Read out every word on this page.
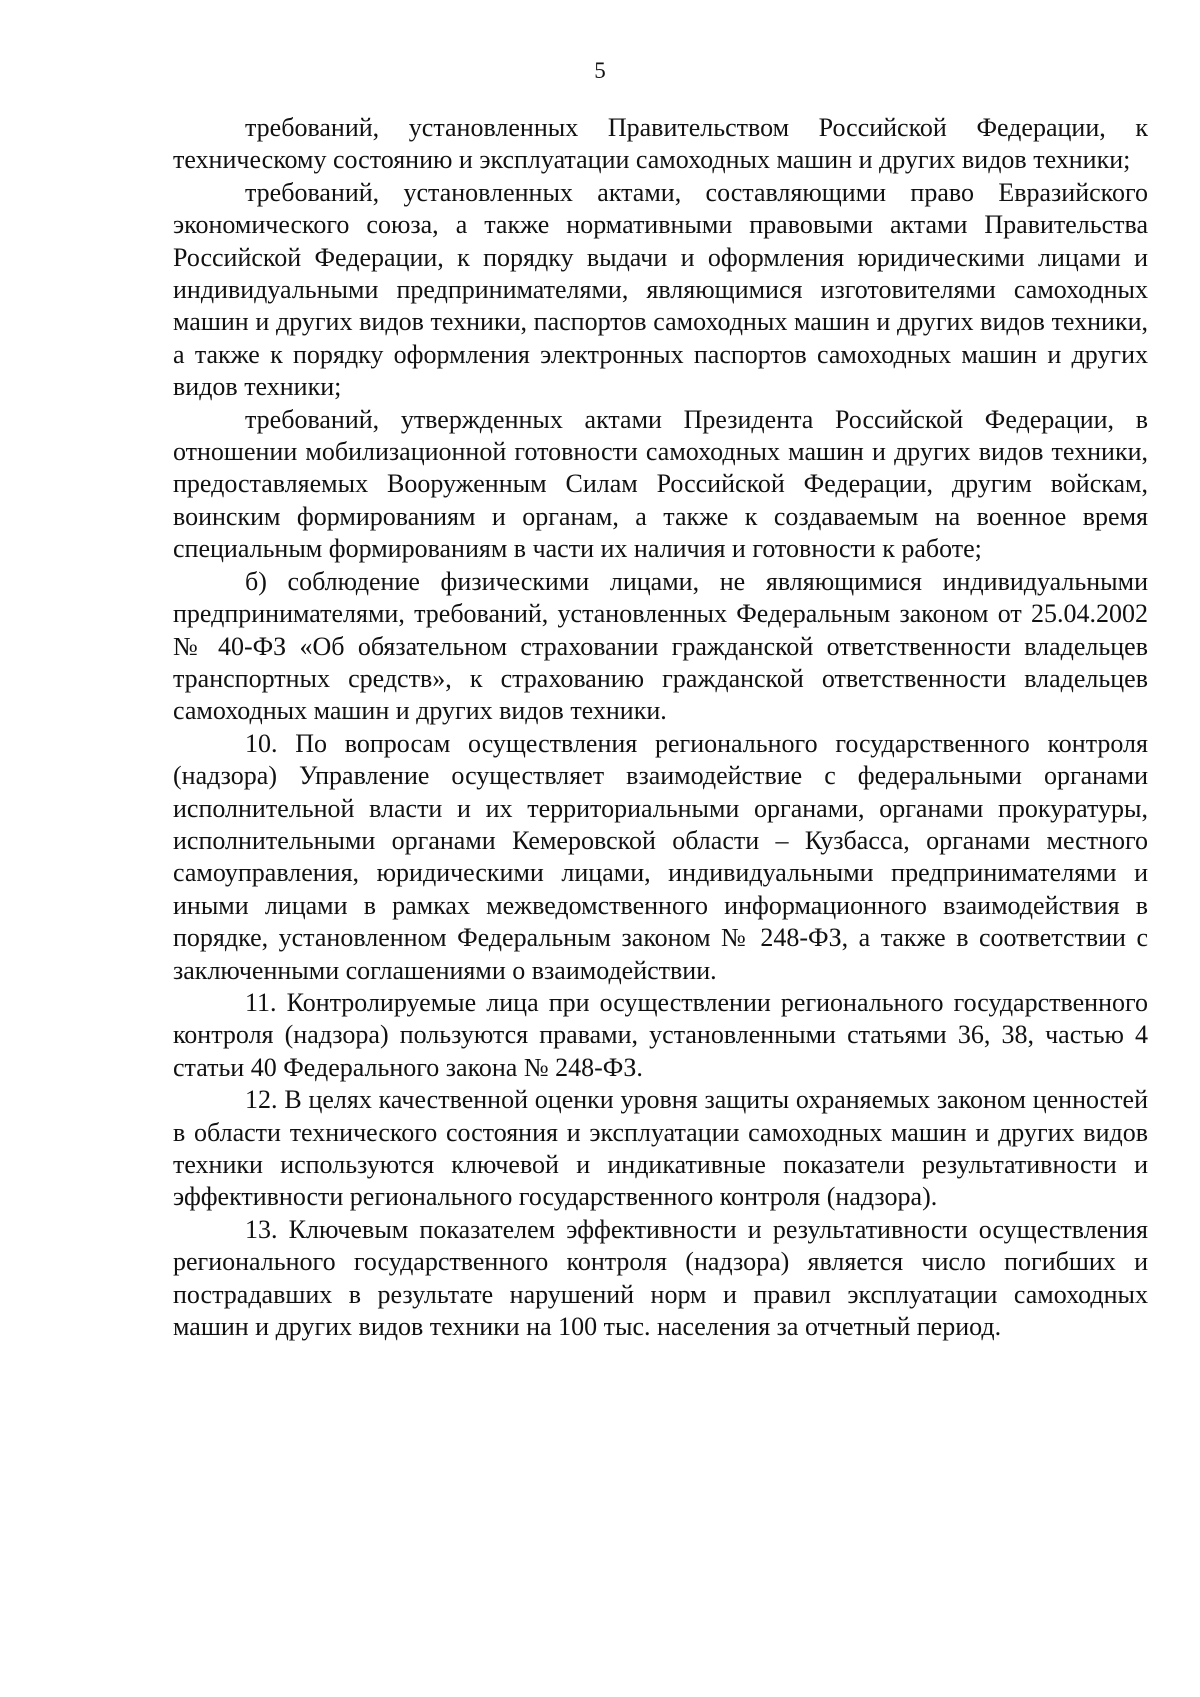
5

требований, установленных Правительством Российской Федерации, к техническому состоянию и эксплуатации самоходных машин и других видов техники;

требований, установленных актами, составляющими право Евразийского экономического союза, а также нормативными правовыми актами Правительства Российской Федерации, к порядку выдачи и оформления юридическими лицами и индивидуальными предпринимателями, являющимися изготовителями самоходных машин и других видов техники, паспортов самоходных машин и других видов техники, а также к порядку оформления электронных паспортов самоходных машин и других видов техники;

требований, утвержденных актами Президента Российской Федерации, в отношении мобилизационной готовности самоходных машин и других видов техники, предоставляемых Вооруженным Силам Российской Федерации, другим войскам, воинским формированиям и органам, а также к создаваемым на военное время специальным формированиям в части их наличия и готовности к работе;

б) соблюдение физическими лицами, не являющимися индивидуальными предпринимателями, требований, установленных Федеральным законом от 25.04.2002 № 40-ФЗ «Об обязательном страховании гражданской ответственности владельцев транспортных средств», к страхованию гражданской ответственности владельцев самоходных машин и других видов техники.

10. По вопросам осуществления регионального государственного контроля (надзора) Управление осуществляет взаимодействие с федеральными органами исполнительной власти и их территориальными органами, органами прокуратуры, исполнительными органами Кемеровской области – Кузбасса, органами местного самоуправления, юридическими лицами, индивидуальными предпринимателями и иными лицами в рамках межведомственного информационного взаимодействия в порядке, установленном Федеральным законом № 248-ФЗ, а также в соответствии с заключенными соглашениями о взаимодействии.

11. Контролируемые лица при осуществлении регионального государственного контроля (надзора) пользуются правами, установленными статьями 36, 38, частью 4 статьи 40 Федерального закона № 248-ФЗ.

12. В целях качественной оценки уровня защиты охраняемых законом ценностей в области технического состояния и эксплуатации самоходных машин и других видов техники используются ключевой и индикативные показатели результативности и эффективности регионального государственного контроля (надзора).

13. Ключевым показателем эффективности и результативности осуществления регионального государственного контроля (надзора) является число погибших и пострадавших в результате нарушений норм и правил эксплуатации самоходных машин и других видов техники на 100 тыс. населения за отчетный период.
